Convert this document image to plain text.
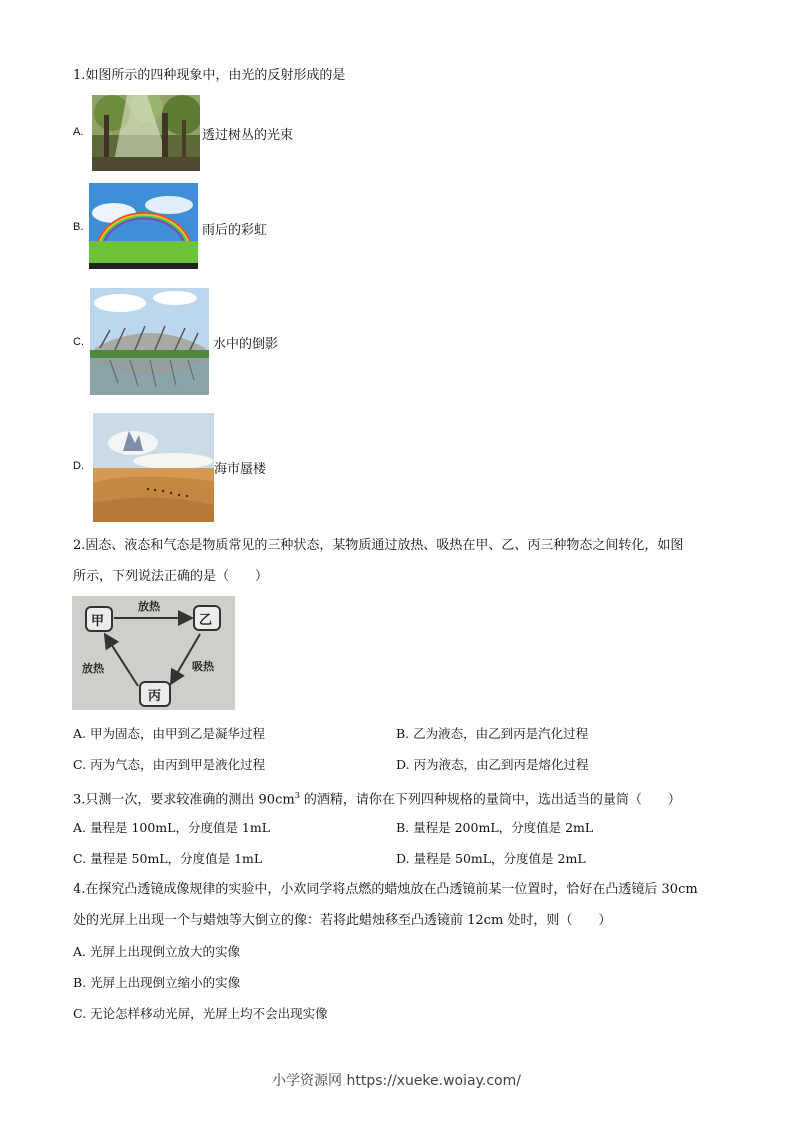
1.如图所示的四种现象中，由光的反射形成的是
A.	透过树丛的光束
B.	雨后的彩虹
C.	水中的倒影
D.	海市蜃楼
2.固态、液态和气态是物质常见的三种状态，某物质通过放热、吸热在甲、乙、丙三种物态之间转化，如图
所示，下列说法正确的是（　　）
甲	乙
丙
放热
吸热
放热
A. 甲为固态，由甲到乙是凝华过程	B. 乙为液态，由乙到丙是汽化过程
C. 丙为气态，由丙到甲是液化过程	D. 丙为液态，由乙到丙是熔化过程
3.只测一次，要求较准确的测出 $90cm^3$ 的酒精，请你在下列四种规格的量筒中，选出适当的量筒（　　）
A. 量程是 100mL，分度值是 1mL	B. 量程是 200mL，分度值是 2mL
C. 量程是 50mL，分度值是 1mL	D. 量程是 50mL，分度值是 2mL
4.在探究凸透镜成像规律的实验中，小欢同学将点燃的蜡烛放在凸透镜前某一位置时，恰好在凸透镜后 30cm
处的光屏上出现一个与蜡烛等大倒立的像：若将此蜡烛移至凸透镜前 12cm 处时，则（　　）
A. 光屏上出现倒立放大的实像
B. 光屏上出现倒立缩小的实像
C. 无论怎样移动光屏，光屏上均不会出现实像
小学资源网 https://xueke.woiay.com/
